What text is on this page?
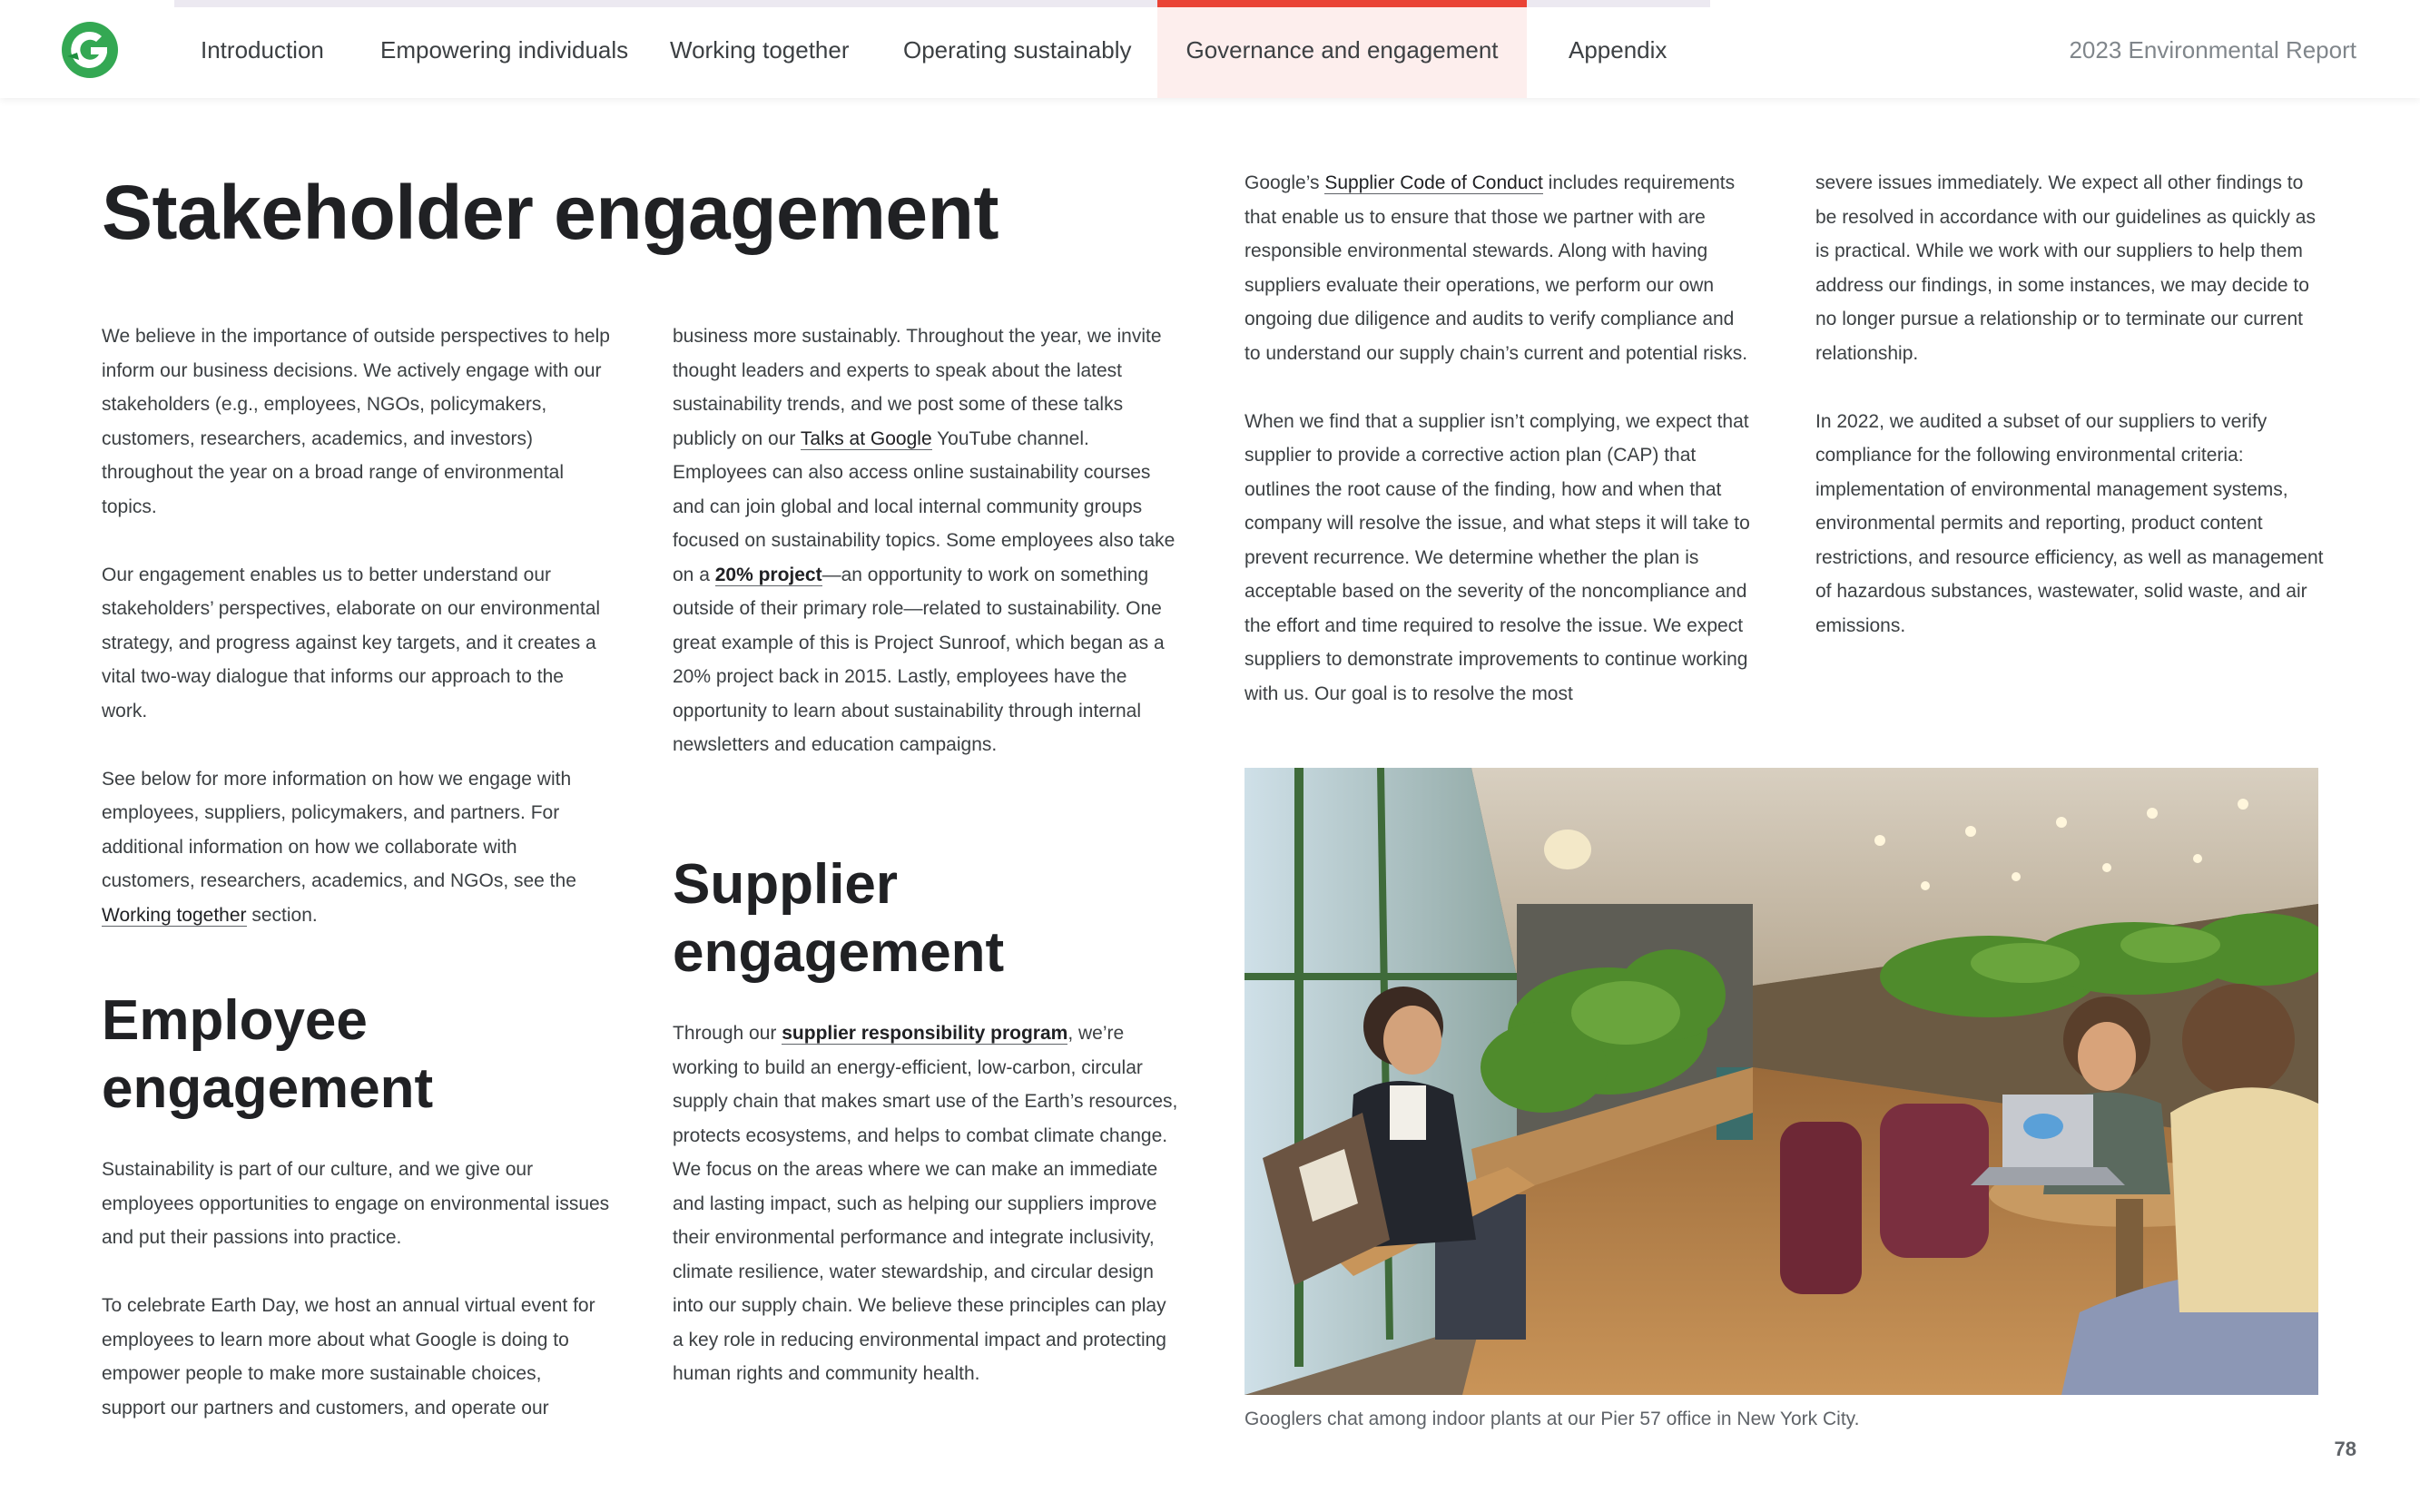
Introduction Empowering individuals Working together Operating sustainably	Governance and engagement	Appendix	2023 Environmental Report
Stakeholder engagement

We believe in the importance of outside perspectives to help inform our business decisions. We actively engage with our stakeholders (e.g., employees, NGOs, policymakers, customers, researchers, academics, and investors) throughout the year on a broad range of environmental topics.

Our engagement enables us to better understand our stakeholders’ perspectives, elaborate on our environmental strategy, and progress against key targets, and it creates a vital two-way dialogue that informs our approach to the work.

See below for more information on how we engage with employees, suppliers, policymakers, and partners. For additional information on how we collaborate with customers, researchers, academics, and NGOs, see the Working together section.

Employee engagement

Sustainability is part of our culture, and we give our employees opportunities to engage on environmental issues and put their passions into practice.

To celebrate Earth Day, we host an annual virtual event for employees to learn more about what Google is doing to empower people to make more sustainable choices, support our partners and customers, and operate our

business more sustainably. Throughout the year, we invite thought leaders and experts to speak about the latest sustainability trends, and we post some of these talks publicly on our Talks at Google YouTube channel. Employees can also access online sustainability courses and can join global and local internal community groups focused on sustainability topics. Some employees also take on a 20% project—an opportunity to work on something outside of their primary role—related to sustainability. One great example of this is Project Sunroof, which began as a 20% project back in 2015. Lastly, employees have the opportunity to learn about sustainability through internal newsletters and education campaigns.

Supplier engagement

Through our supplier responsibility program, we’re working to build an energy-efficient, low-carbon, circular supply chain that makes smart use of the Earth’s resources, protects ecosystems, and helps to combat climate change. We focus on the areas where we can make an immediate and lasting impact, such as helping our suppliers improve their environmental performance and integrate inclusivity, climate resilience, water stewardship, and circular design into our supply chain. We believe these principles can play a key role in reducing environmental impact and protecting human rights and community health.

Google’s Supplier Code of Conduct includes requirements that enable us to ensure that those we partner with are responsible environmental stewards. Along with having suppliers evaluate their operations, we perform our own ongoing due diligence and audits to verify compliance and to understand our supply chain’s current and potential risks.

When we find that a supplier isn’t complying, we expect that supplier to provide a corrective action plan (CAP) that outlines the root cause of the finding, how and when that company will resolve the issue, and what steps it will take to prevent recurrence. We determine whether the plan is acceptable based on the severity of the noncompliance and the effort and time required to resolve the issue. We expect suppliers to demonstrate improvements to continue working with us. Our goal is to resolve the most

severe issues immediately. We expect all other findings to be resolved in accordance with our guidelines as quickly as is practical. While we work with our suppliers to help them address our findings, in some instances, we may decide to no longer pursue a relationship or to terminate our current relationship.

In 2022, we audited a subset of our suppliers to verify compliance for the following environmental criteria: implementation of environmental management systems, environmental permits and reporting, product content restrictions, and resource efficiency, as well as management of hazardous substances, wastewater, solid waste, and air emissions.

Googlers chat among indoor plants at our Pier 57 office in New York City.
78
